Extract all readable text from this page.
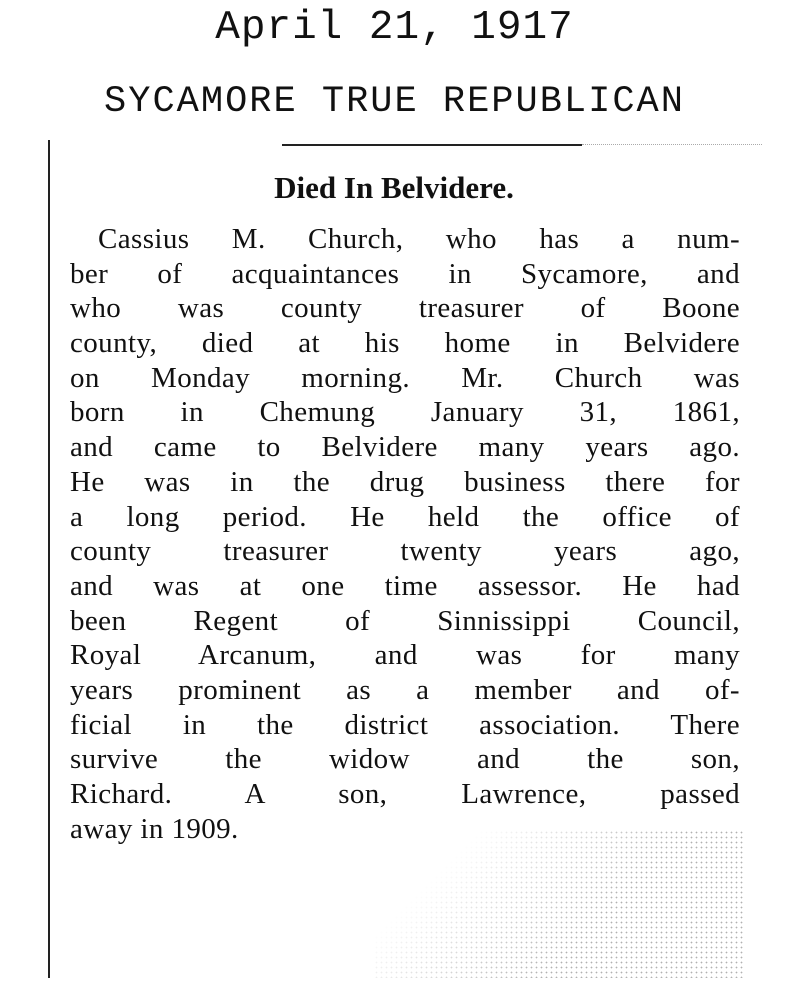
April 21, 1917
SYCAMORE TRUE REPUBLICAN
Died In Belvidere.
Cassius M. Church, who has a num-
ber of acquaintances in Sycamore, and
who was county treasurer of Boone
county, died at his home in Belvidere
on Monday morning. Mr. Church was
born in Chemung January 31, 1861,
and came to Belvidere many years ago.
He was in the drug business there for
a long period. He held the office of
county treasurer twenty years ago,
and was at one time assessor. He had
been Regent of Sinnissippi Council,
Royal Arcanum, and was for many
years prominent as a member and of-
ficial in the district association. There
survive the widow and the son,
Richard. A son, Lawrence, passed
away in 1909.
